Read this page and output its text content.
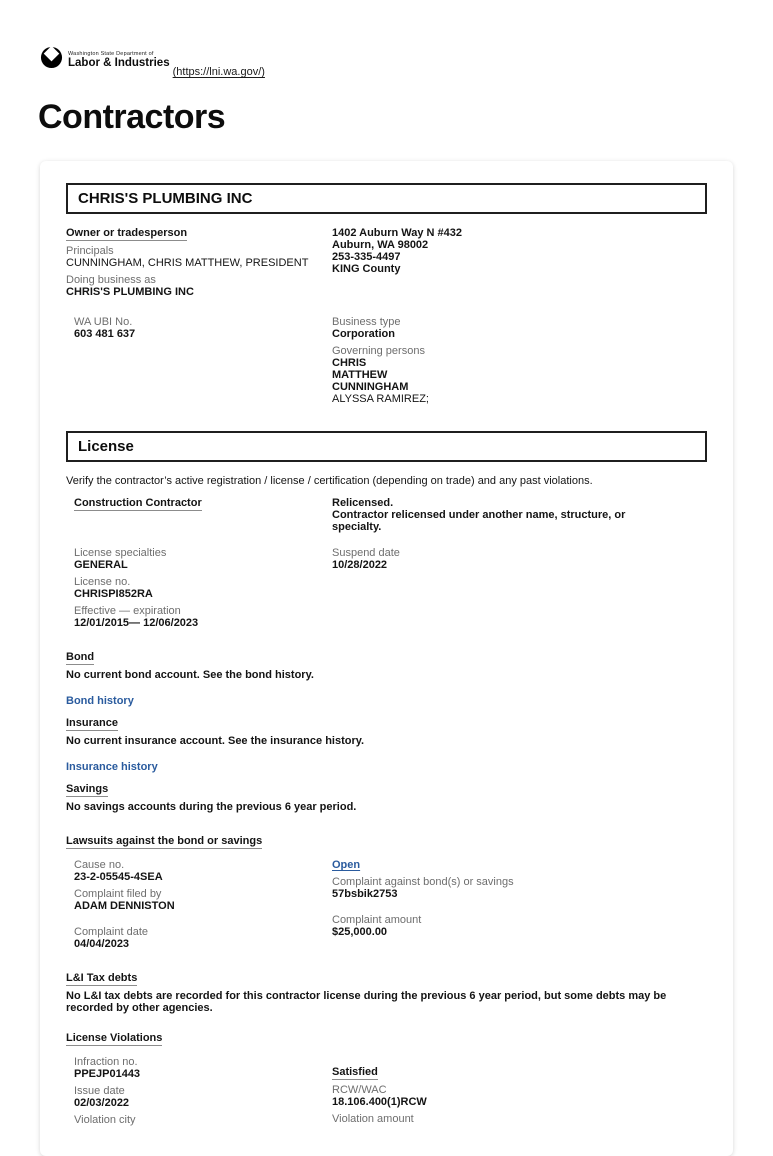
Washington State Department of
Labor & Industries
(https://lni.wa.gov/)
Contractors
CHRIS'S PLUMBING INC
Owner or tradesperson
Principals
CUNNINGHAM, CHRIS MATTHEW, PRESIDENT
Doing business as
CHRIS'S PLUMBING INC
1402 Auburn Way N #432
Auburn, WA 98002
253-335-4497
KING County
WA UBI No.
603 481 637
Business type
Corporation
Governing persons
CHRIS
MATTHEW
CUNNINGHAM
ALYSSA RAMIREZ;
License
Verify the contractor’s active registration / license / certification (depending on trade) and any past violations.
Construction Contractor	Relicensed.
Contractor relicensed under another name, structure, or specialty.
License specialties
GENERAL
License no.
CHRISPI852RA
Effective — expiration
12/01/2015— 12/06/2023
Suspend date
10/28/2022
Bond
No current bond account. See the bond history.
Bond history
Insurance
No current insurance account. See the insurance history.
Insurance history
Savings
No savings accounts during the previous 6 year period.
Lawsuits against the bond or savings
Cause no.
23-2-05545-4SEA
Complaint filed by
ADAM DENNISTON
Complaint date
04/04/2023
Open
Complaint against bond(s) or savings
57bsbik2753
Complaint amount
$25,000.00
L&I Tax debts
No L&I tax debts are recorded for this contractor license during the previous 6 year period, but some debts may be recorded by other agencies.
License Violations
Infraction no.
PPEJP01443
Issue date
02/03/2022
Violation city
Satisfied
RCW/WAC
18.106.400(1)RCW
Violation amount
